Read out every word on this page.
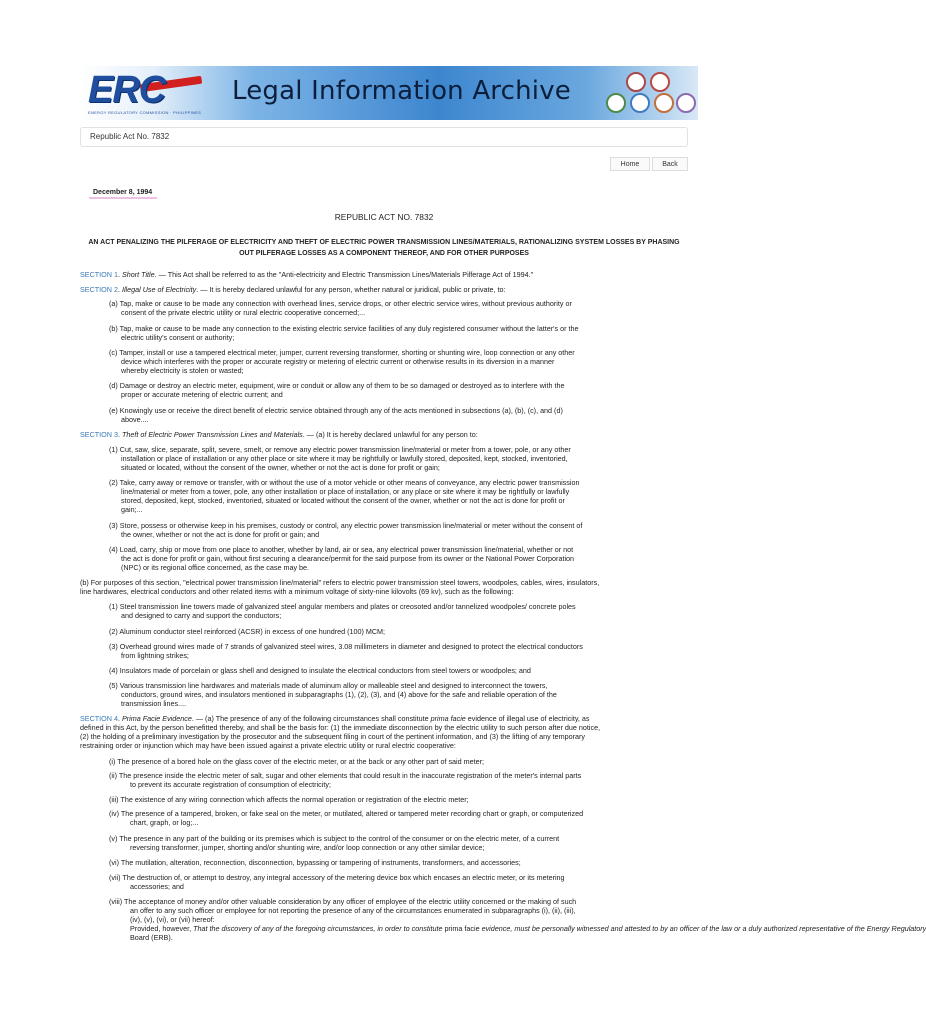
ERC
ENERGY REGULATORY COMMISSION · PHILIPPINES
Legal Information Archive
Republic Act No. 7832
Home	Back
December 8, 1994
REPUBLIC ACT NO. 7832
AN ACT PENALIZING THE PILFERAGE OF ELECTRICITY AND THEFT OF ELECTRIC POWER TRANSMISSION LINES/MATERIALS, RATIONALIZING SYSTEM LOSSES BY PHASING OUT PILFERAGE LOSSES AS A COMPONENT THEREOF, AND FOR OTHER PURPOSES
SECTION 1. Short Title. — This Act shall be referred to as the "Anti-electricity and Electric Transmission Lines/Materials Pilferage Act of 1994."
SECTION 2. Illegal Use of Electricity. — It is hereby declared unlawful for any person, whether natural or juridical, public or private, to:
(a) Tap, make or cause to be made any connection with overhead lines, service drops, or other electric service wires, without previous authority or
consent of the private electric utility or rural electric cooperative concerned;...
(b) Tap, make or cause to be made any connection to the existing electric service facilities of any duly registered consumer without the latter's or the
electric utility's consent or authority;
(c) Tamper, install or use a tampered electrical meter, jumper, current reversing transformer, shorting or shunting wire, loop connection or any other
device which interferes with the proper or accurate registry or metering of electric current or otherwise results in its diversion in a manner
whereby electricity is stolen or wasted;
(d) Damage or destroy an electric meter, equipment, wire or conduit or allow any of them to be so damaged or destroyed as to interfere with the
proper or accurate metering of electric current; and
(e) Knowingly use or receive the direct benefit of electric service obtained through any of the acts mentioned in subsections (a), (b), (c), and (d)
above....
SECTION 3. Theft of Electric Power Transmission Lines and Materials. — (a) It is hereby declared unlawful for any person to:
(1) Cut, saw, slice, separate, split, severe, smelt, or remove any electric power transmission line/material or meter from a tower, pole, or any other
installation or place of installation or any other place or site where it may be rightfully or lawfully stored, deposited, kept, stocked, inventoried,
situated or located, without the consent of the owner, whether or not the act is done for profit or gain;
(2) Take, carry away or remove or transfer, with or without the use of a motor vehicle or other means of conveyance, any electric power transmission
line/material or meter from a tower, pole, any other installation or place of installation, or any place or site where it may be rightfully or lawfully
stored, deposited, kept, stocked, inventoried, situated or located without the consent of the owner, whether or not the act is done for profit or
gain;...
(3) Store, possess or otherwise keep in his premises, custody or control, any electric power transmission line/material or meter without the consent of
the owner, whether or not the act is done for profit or gain; and
(4) Load, carry, ship or move from one place to another, whether by land, air or sea, any electrical power transmission line/material, whether or not
the act is done for profit or gain, without first securing a clearance/permit for the said purpose from its owner or the National Power Corporation
(NPC) or its regional office concerned, as the case may be.
(b) For purposes of this section, "electrical power transmission line/material" refers to electric power transmission steel towers, woodpoles, cables, wires, insulators,
line hardwares, electrical conductors and other related items with a minimum voltage of sixty-nine kilovolts (69 kv), such as the following:
(1) Steel transmission line towers made of galvanized steel angular members and plates or creosoted and/or tannelized woodpoles/ concrete poles
and designed to carry and support the conductors;
(2) Aluminum conductor steel reinforced (ACSR) in excess of one hundred (100) MCM;
(3) Overhead ground wires made of 7 strands of galvanized steel wires, 3.08 millimeters in diameter and designed to protect the electrical conductors
from lightning strikes;
(4) Insulators made of porcelain or glass shell and designed to insulate the electrical conductors from steel towers or woodpoles; and
(5) Various transmission line hardwares and materials made of aluminum alloy or malleable steel and designed to interconnect the towers,
conductors, ground wires, and insulators mentioned in subparagraphs (1), (2), (3), and (4) above for the safe and reliable operation of the
transmission lines....
SECTION 4. Prima Facie Evidence. — (a) The presence of any of the following circumstances shall constitute prima facie evidence of illegal use of electricity, as
defined in this Act, by the person benefitted thereby, and shall be the basis for: (1) the immediate disconnection by the electric utility to such person after due notice,
(2) the holding of a preliminary investigation by the prosecutor and the subsequent filing in court of the pertinent information, and (3) the lifting of any temporary
restraining order or injunction which may have been issued against a private electric utility or rural electric cooperative:
(i) The presence of a bored hole on the glass cover of the electric meter, or at the back or any other part of said meter;
(ii) The presence inside the electric meter of salt, sugar and other elements that could result in the inaccurate registration of the meter's internal parts
to prevent its accurate registration of consumption of electricity;
(iii) The existence of any wiring connection which affects the normal operation or registration of the electric meter;
(iv) The presence of a tampered, broken, or fake seal on the meter, or mutilated, altered or tampered meter recording chart or graph, or computerized
chart, graph, or log;...
(v) The presence in any part of the building or its premises which is subject to the control of the consumer or on the electric meter, of a current
reversing transformer, jumper, shorting and/or shunting wire, and/or loop connection or any other similar device;
(vi) The mutilation, alteration, reconnection, disconnection, bypassing or tampering of instruments, transformers, and accessories;
(vii) The destruction of, or attempt to destroy, any integral accessory of the metering device box which encases an electric meter, or its metering
accessories; and
(viii) The acceptance of money and/or other valuable consideration by any officer of employee of the electric utility concerned or the making of such
an offer to any such officer or employee for not reporting the presence of any of the circumstances enumerated in subparagraphs (i), (ii), (iii),
(iv), (v), (vi), or (vii) hereof:
Provided, however, That the discovery of any of the foregoing circumstances, in order to constitute prima facie evidence, must be personally witnessed and attested to by an officer of the law or a duly authorized representative of the Energy Regulatory
Board (ERB).
